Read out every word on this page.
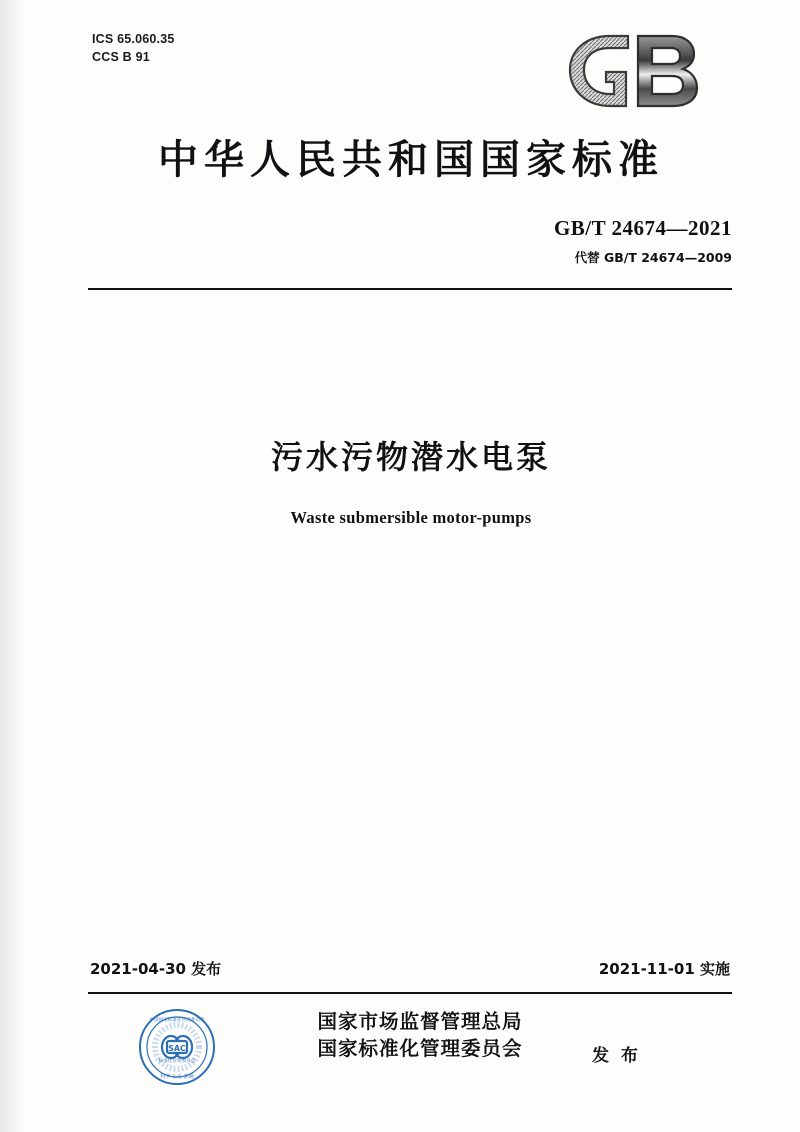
ICS 65.060.35
CCS B 91
中华人民共和国国家标准
GB/T 24674—2021
代替 GB/T 24674—2009
污水污物潜水电泵
Waste submersible motor-pumps
2021-04-30 发布	2021-11-01 实施
SAC
中国国家标准化管理委员会
标准化管理委员会
科学 公正 准确
国家市场监督管理总局
国家标准化管理委员会	发 布
